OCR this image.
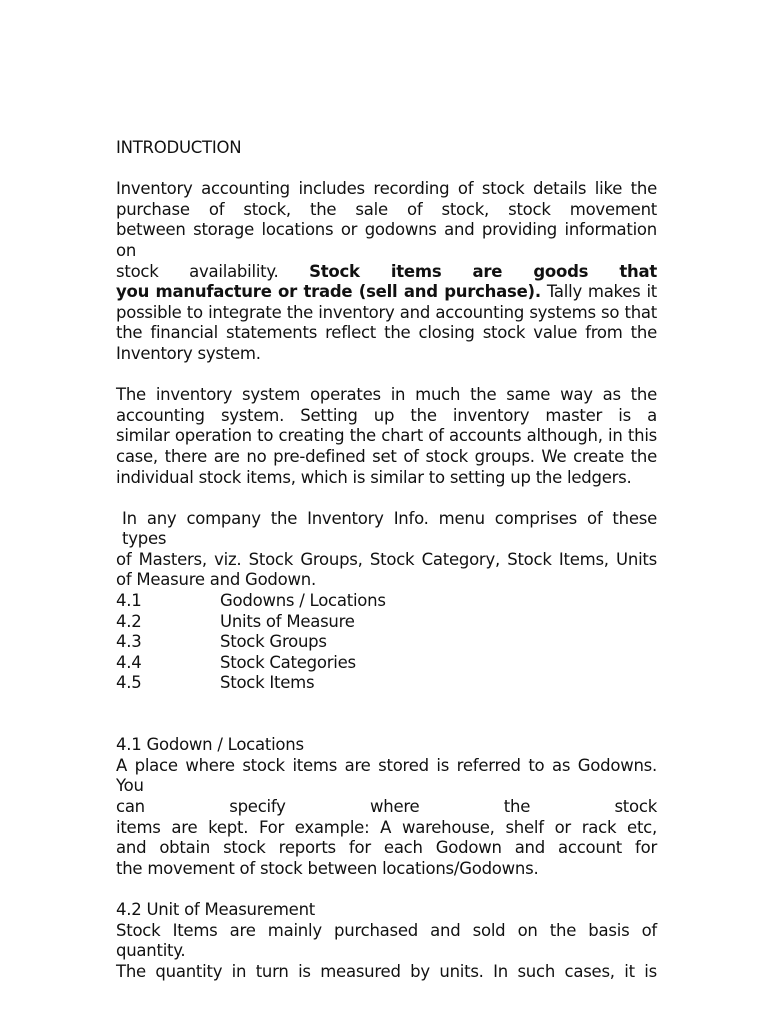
INTRODUCTION

Inventory accounting includes recording of stock details like the

purchase of stock, the sale of stock, stock movement

between storage locations or godowns and providing information on

stock availability. Stock items are goods that

you manufacture or trade (sell and purchase). Tally makes it

possible to integrate the inventory and accounting systems so that

the financial statements reflect the closing stock value from the

Inventory system.

The inventory system operates in much the same way as the

accounting system. Setting up the inventory master is a

similar operation to creating the chart of accounts although, in this

case, there are no pre-defined set of stock groups. We create the

individual stock items, which is similar to setting up the ledgers.

In any company the Inventory Info. menu comprises of these types

of Masters, viz. Stock Groups, Stock Category, Stock Items, Units

of Measure and Godown.

4.1	Godowns / Locations
4.2	Units of Measure
4.3	Stock Groups
4.4	Stock Categories
4.5	Stock Items

4.1 Godown / Locations

A place where stock items are stored is referred to as Godowns. You

can specify where the stock

items are kept. For example: A warehouse, shelf or rack etc,

and obtain stock reports for each Godown and account for

the movement of stock between locations/Godowns.

4.2 Unit of Measurement

Stock Items are mainly purchased and sold on the basis of quantity.

The quantity in turn is measured by units. In such cases, it is
